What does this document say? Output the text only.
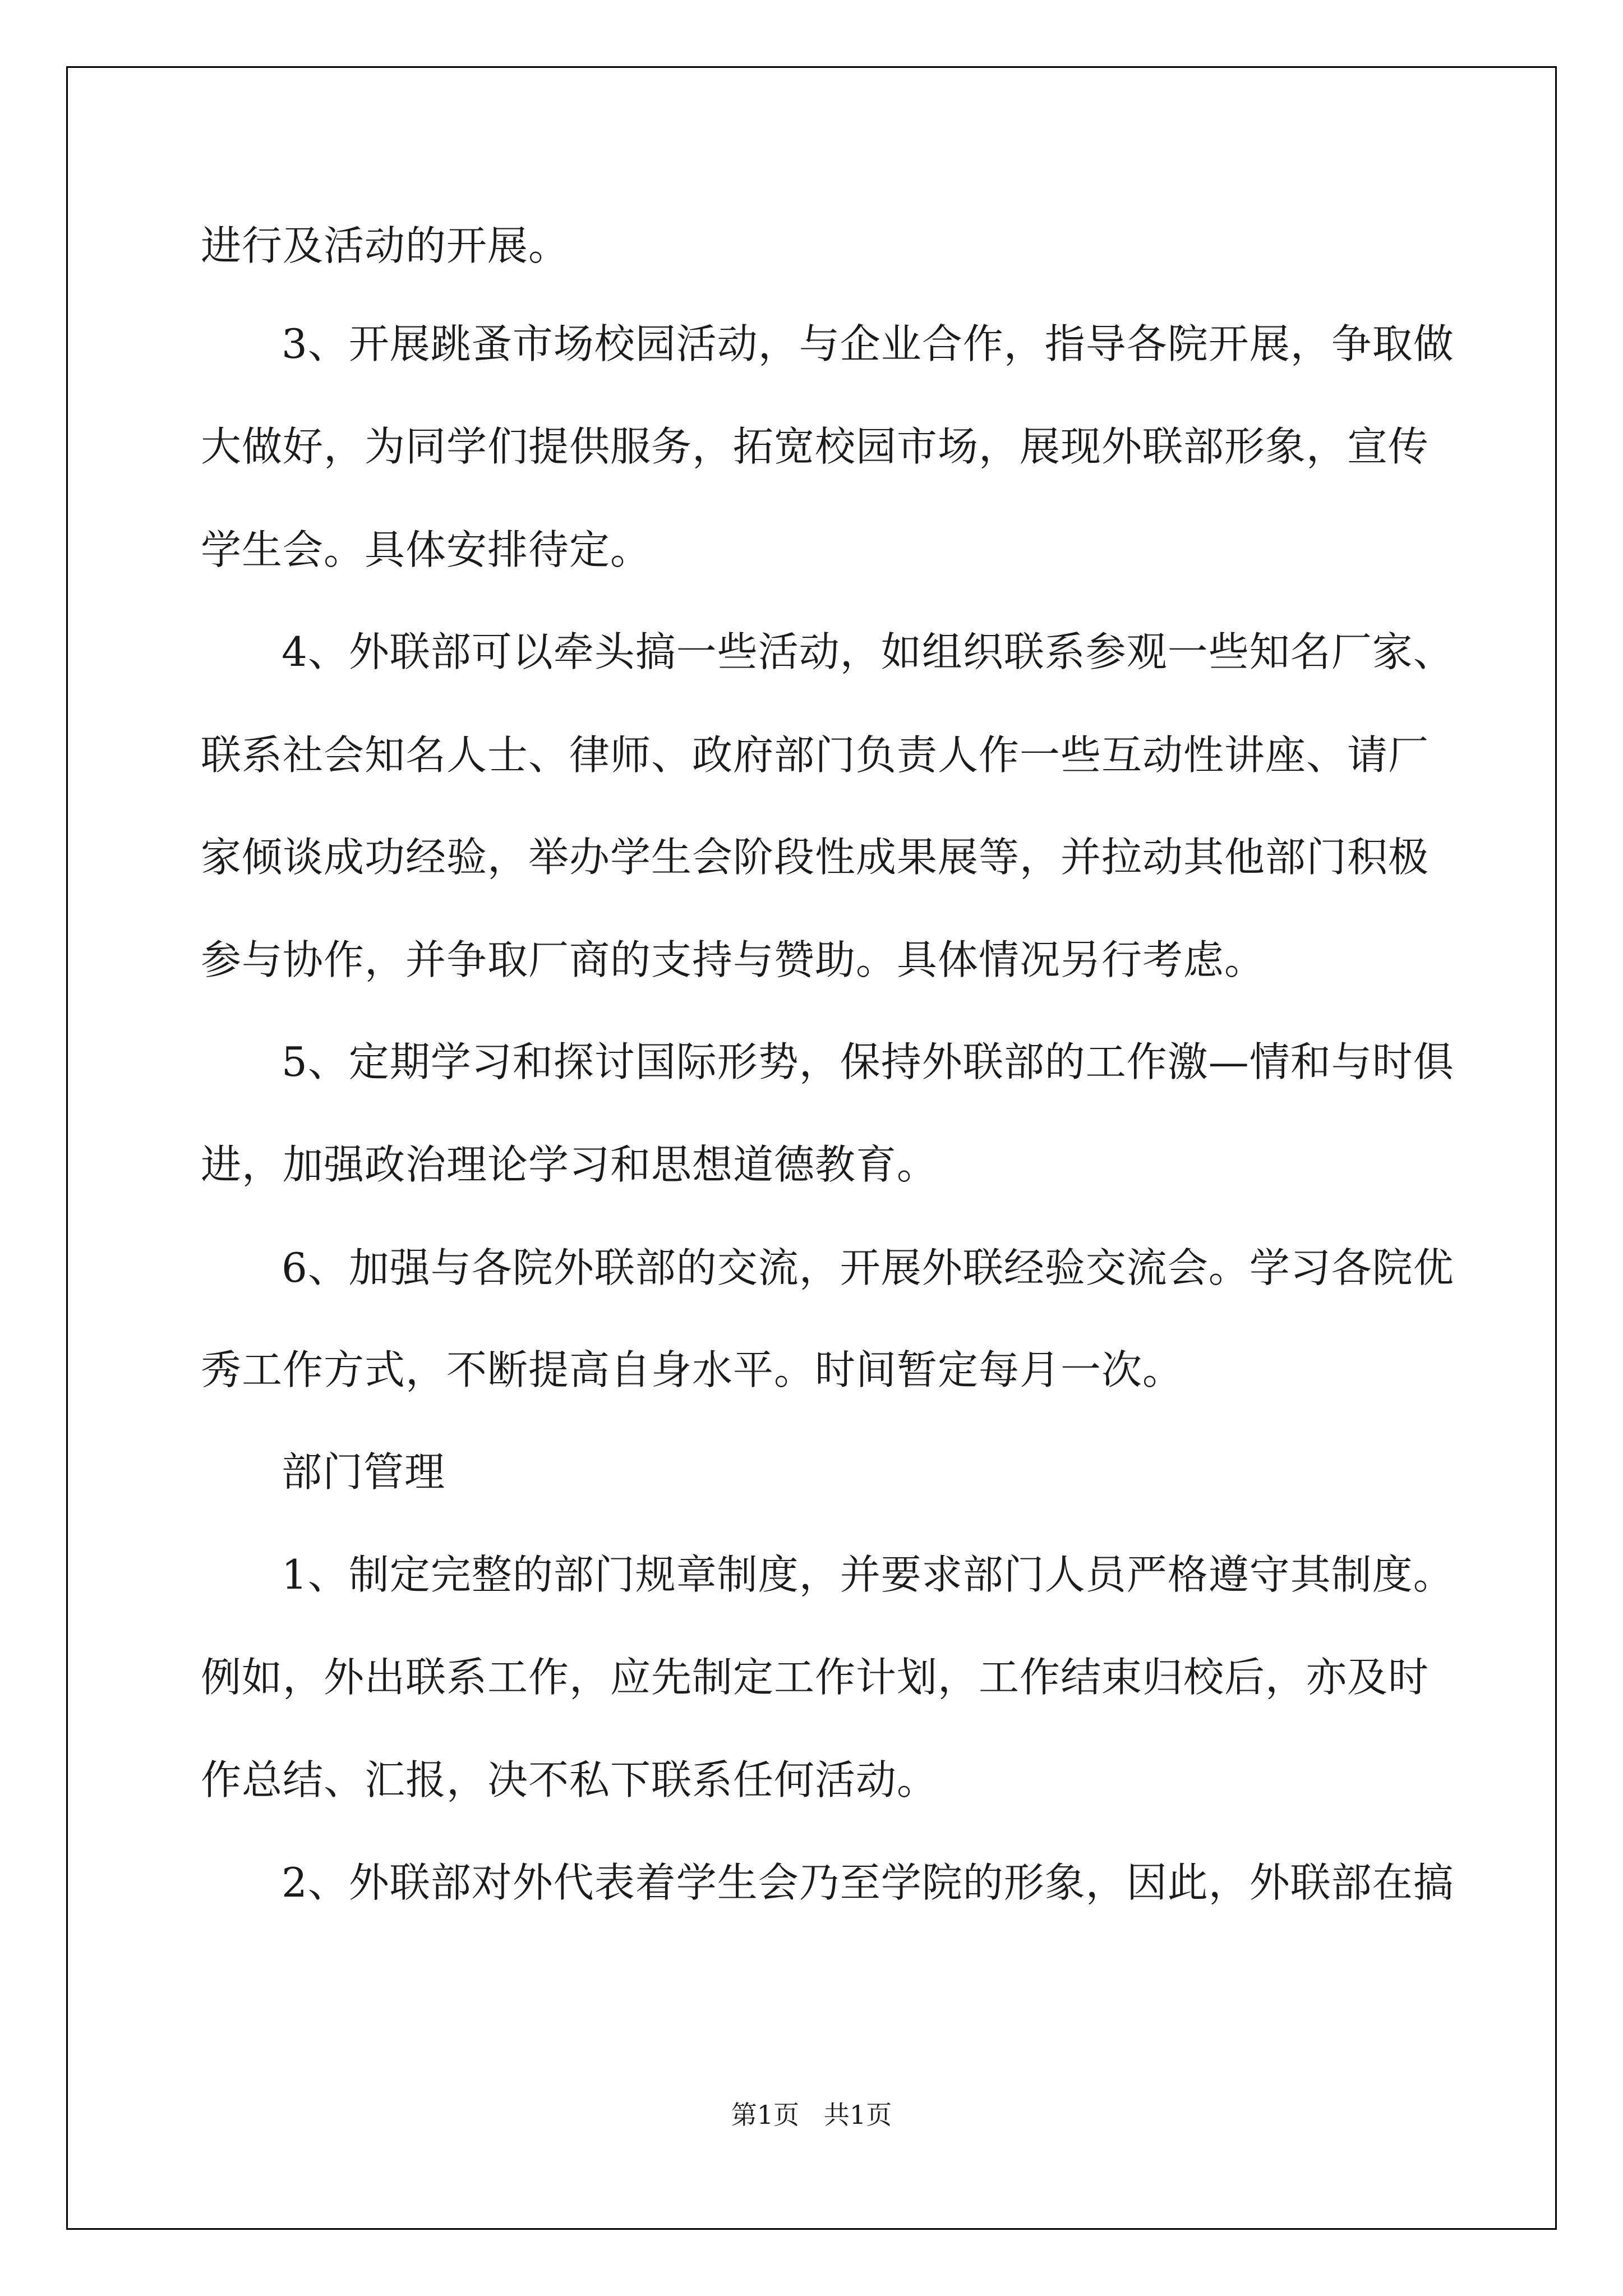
进行及活动的开展。
3、开展跳蚤市场校园活动，与企业合作，指导各院开展，争取做
大做好，为同学们提供服务，拓宽校园市场，展现外联部形象，宣传
学生会。具体安排待定。
4、外联部可以牵头搞一些活动，如组织联系参观一些知名厂家、
联系社会知名人士、律师、政府部门负责人作一些互动性讲座、请厂
家倾谈成功经验，举办学生会阶段性成果展等，并拉动其他部门积极
参与协作，并争取厂商的支持与赞助。具体情况另行考虑。
5、定期学习和探讨国际形势，保持外联部的工作激—情和与时俱
进，加强政治理论学习和思想道德教育。
6、加强与各院外联部的交流，开展外联经验交流会。学习各院优
秀工作方式，不断提高自身水平。时间暂定每月一次。
部门管理
1、制定完整的部门规章制度，并要求部门人员严格遵守其制度。
例如，外出联系工作，应先制定工作计划，工作结束归校后，亦及时
作总结、汇报，决不私下联系任何活动。
2、外联部对外代表着学生会乃至学院的形象，因此，外联部在搞
第1页   共1页
